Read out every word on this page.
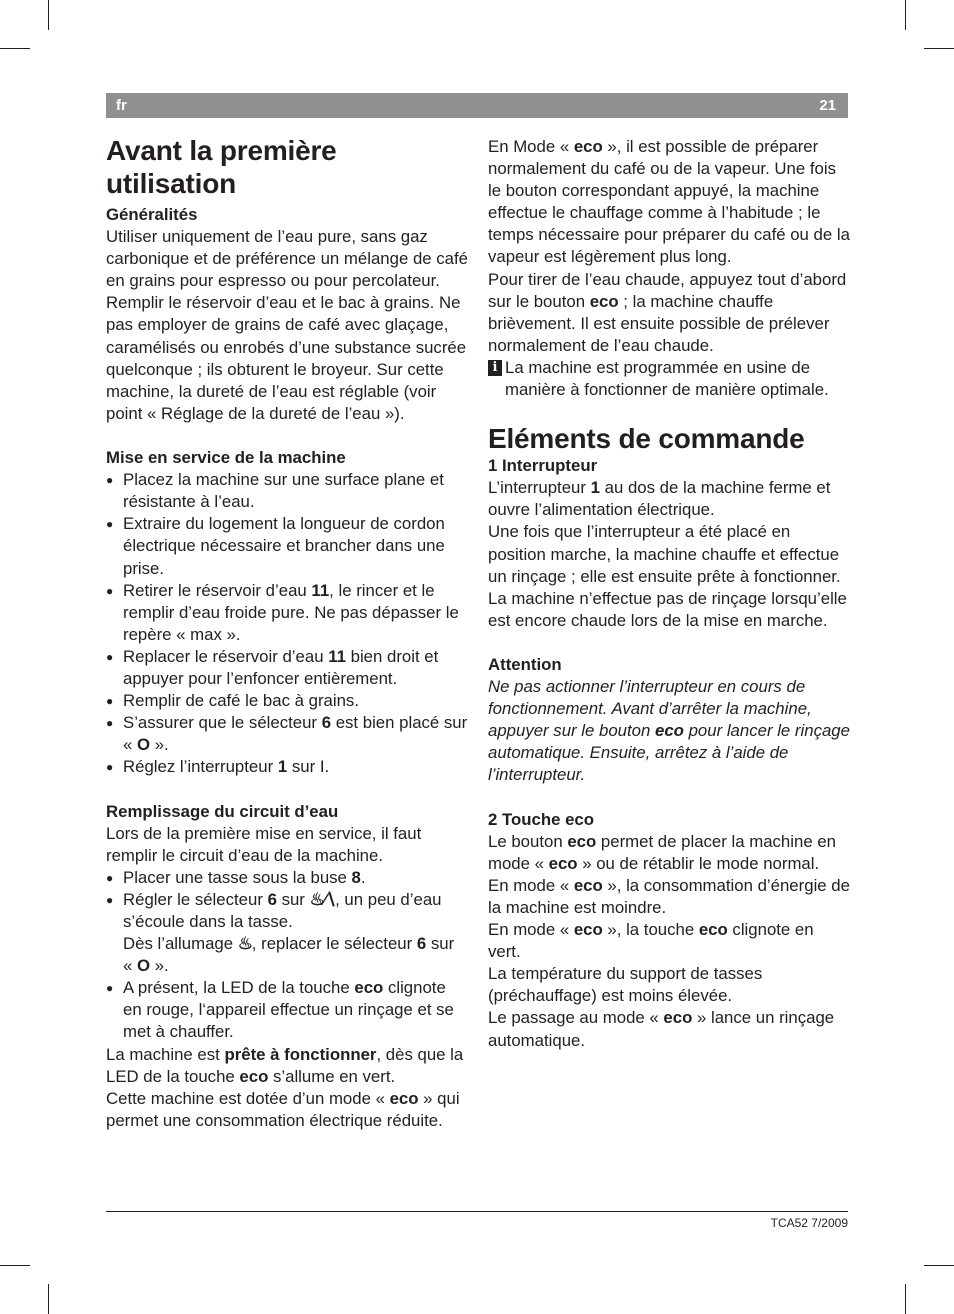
fr	21
Avant la première utilisation

Généralités

Utiliser uniquement de l’eau pure, sans gaz carbonique et de préférence un mélange de café en grains pour espresso ou pour percolateur. Remplir le réservoir d’eau et le bac à grains. Ne pas employer de grains de café avec glaçage, caramélisés ou enrobés d’une substance sucrée quelconque ; ils obturent le broyeur. Sur cette machine, la dureté de l’eau est réglable (voir point « Réglage de la dureté de l’eau »).

Mise en service de la machine

● Placez la machine sur une surface plane et résistante à l’eau.

● Extraire du logement la longueur de cordon électrique nécessaire et brancher dans une prise.

● Retirer le réservoir d’eau 11, le rincer et le remplir d’eau froide pure. Ne pas dépasser le repère « max ».

● Replacer le réservoir d’eau 11 bien droit et appuyer pour l’enfoncer entièrement.

● Remplir de café le bac à grains.

● S’assurer que le sélecteur 6 est bien placé sur « O ».

● Réglez l’interrupteur 1 sur I.

Remplissage du circuit d’eau

Lors de la première mise en service, il faut remplir le circuit d’eau de la machine.

● Placer une tasse sous la buse 8.

● Régler le sélecteur 6 sur ♨∕∖, un peu d’eau s’écoule dans la tasse.
Dès l’allumage ♨, replacer le sélecteur 6 sur « O ».

● A présent, la LED de la touche eco clignote en rouge, l‘appareil effectue un rinçage et se met à chauffer.

La machine est prête à fonctionner, dès que la LED de la touche eco s’allume en vert.

Cette machine est dotée d’un mode « eco » qui permet une consommation électrique réduite.

En Mode « eco », il est possible de préparer normalement du café ou de la vapeur. Une fois le bouton correspondant appuyé, la machine effectue le chauffage comme à l’habitude ; le temps nécessaire pour préparer du café ou de la vapeur est légèrement plus long.

Pour tirer de l’eau chaude, appuyez tout d’abord sur le bouton eco ; la machine chauffe brièvement. Il est ensuite possible de prélever normalement de l’eau chaude.

i La machine est programmée en usine de manière à fonctionner de manière optimale.

Eléments de commande

1 Interrupteur

L’interrupteur 1 au dos de la machine ferme et ouvre l’alimentation électrique.

Une fois que l’interrupteur a été placé en position marche, la machine chauffe et effectue un rinçage ; elle est ensuite prête à fonctionner.

La machine n’effectue pas de rinçage lorsqu’elle est encore chaude lors de la mise en marche.

Attention

Ne pas actionner l’interrupteur en cours de fonctionnement. Avant d’arrêter la machine, appuyer sur le bouton eco pour lancer le rinçage automatique. Ensuite, arrêtez à l’aide de l’interrupteur.

2 Touche eco

Le bouton eco permet de placer la machine en mode « eco » ou de rétablir le mode normal.

En mode « eco », la consommation d’énergie de la machine est moindre.

En mode « eco », la touche eco clignote en vert.

La température du support de tasses (préchauffage) est moins élevée.

Le passage au mode « eco » lance un rinçage automatique.

TCA52 7/2009
